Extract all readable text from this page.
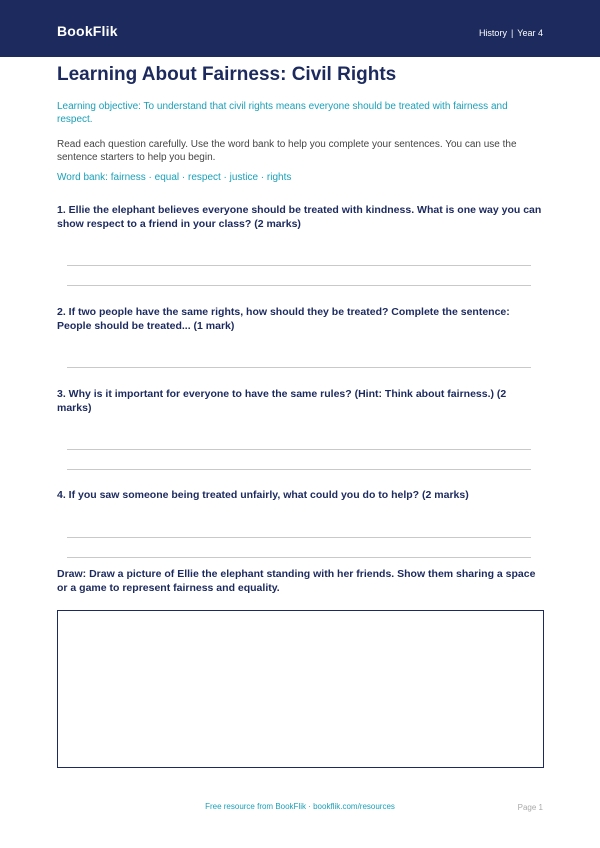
BookFlik	History | Year 4
Learning About Fairness: Civil Rights
Learning objective: To understand that civil rights means everyone should be treated with fairness and respect.
Read each question carefully. Use the word bank to help you complete your sentences. You can use the sentence starters to help you begin.
Word bank: fairness · equal · respect · justice · rights
1. Ellie the elephant believes everyone should be treated with kindness. What is one way you can show respect to a friend in your class? (2 marks)
2. If two people have the same rights, how should they be treated? Complete the sentence: People should be treated... (1 mark)
3. Why is it important for everyone to have the same rules? (Hint: Think about fairness.) (2 marks)
4. If you saw someone being treated unfairly, what could you do to help? (2 marks)
Draw: Draw a picture of Ellie the elephant standing with her friends. Show them sharing a space or a game to represent fairness and equality.
Free resource from BookFlik · bookflik.com/resources	Page 1
